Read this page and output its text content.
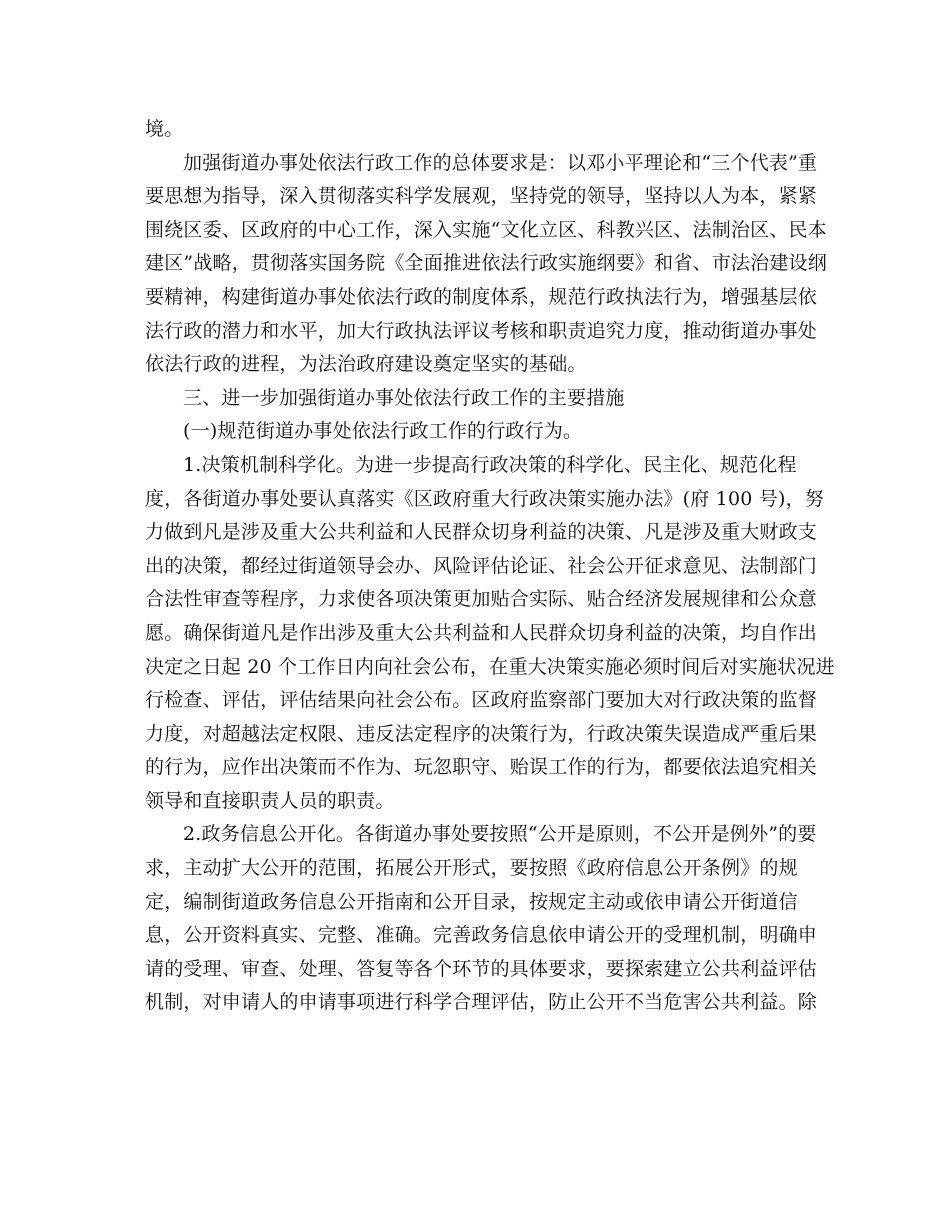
境。
加强街道办事处依法行政工作的总体要求是：以邓小平理论和“三个代表”重
要思想为指导，深入贯彻落实科学发展观，坚持党的领导，坚持以人为本，紧紧
围绕区委、区政府的中心工作，深入实施“文化立区、科教兴区、法制治区、民本
建区”战略，贯彻落实国务院《全面推进依法行政实施纲要》和省、市法治建设纲
要精神，构建街道办事处依法行政的制度体系，规范行政执法行为，增强基层依
法行政的潜力和水平，加大行政执法评议考核和职责追究力度，推动街道办事处
依法行政的进程，为法治政府建设奠定坚实的基础。
三、进一步加强街道办事处依法行政工作的主要措施
(一)规范街道办事处依法行政工作的行政行为。
1.决策机制科学化。为进一步提高行政决策的科学化、民主化、规范化程
度，各街道办事处要认真落实《区政府重大行政决策实施办法》(府 100 号)，努
力做到凡是涉及重大公共利益和人民群众切身利益的决策、凡是涉及重大财政支
出的决策，都经过街道领导会办、风险评估论证、社会公开征求意见、法制部门
合法性审查等程序，力求使各项决策更加贴合实际、贴合经济发展规律和公众意
愿。确保街道凡是作出涉及重大公共利益和人民群众切身利益的决策，均自作出
决定之日起 20 个工作日内向社会公布，在重大决策实施必须时间后对实施状况进
行检查、评估，评估结果向社会公布。区政府监察部门要加大对行政决策的监督
力度，对超越法定权限、违反法定程序的决策行为，行政决策失误造成严重后果
的行为，应作出决策而不作为、玩忽职守、贻误工作的行为，都要依法追究相关
领导和直接职责人员的职责。
2.政务信息公开化。各街道办事处要按照“公开是原则，不公开是例外”的要
求，主动扩大公开的范围，拓展公开形式，要按照《政府信息公开条例》的规
定，编制街道政务信息公开指南和公开目录，按规定主动或依申请公开街道信
息，公开资料真实、完整、准确。完善政务信息依申请公开的受理机制，明确申
请的受理、审查、处理、答复等各个环节的具体要求，要探索建立公共利益评估
机制，对申请人的申请事项进行科学合理评估，防止公开不当危害公共利益。除
